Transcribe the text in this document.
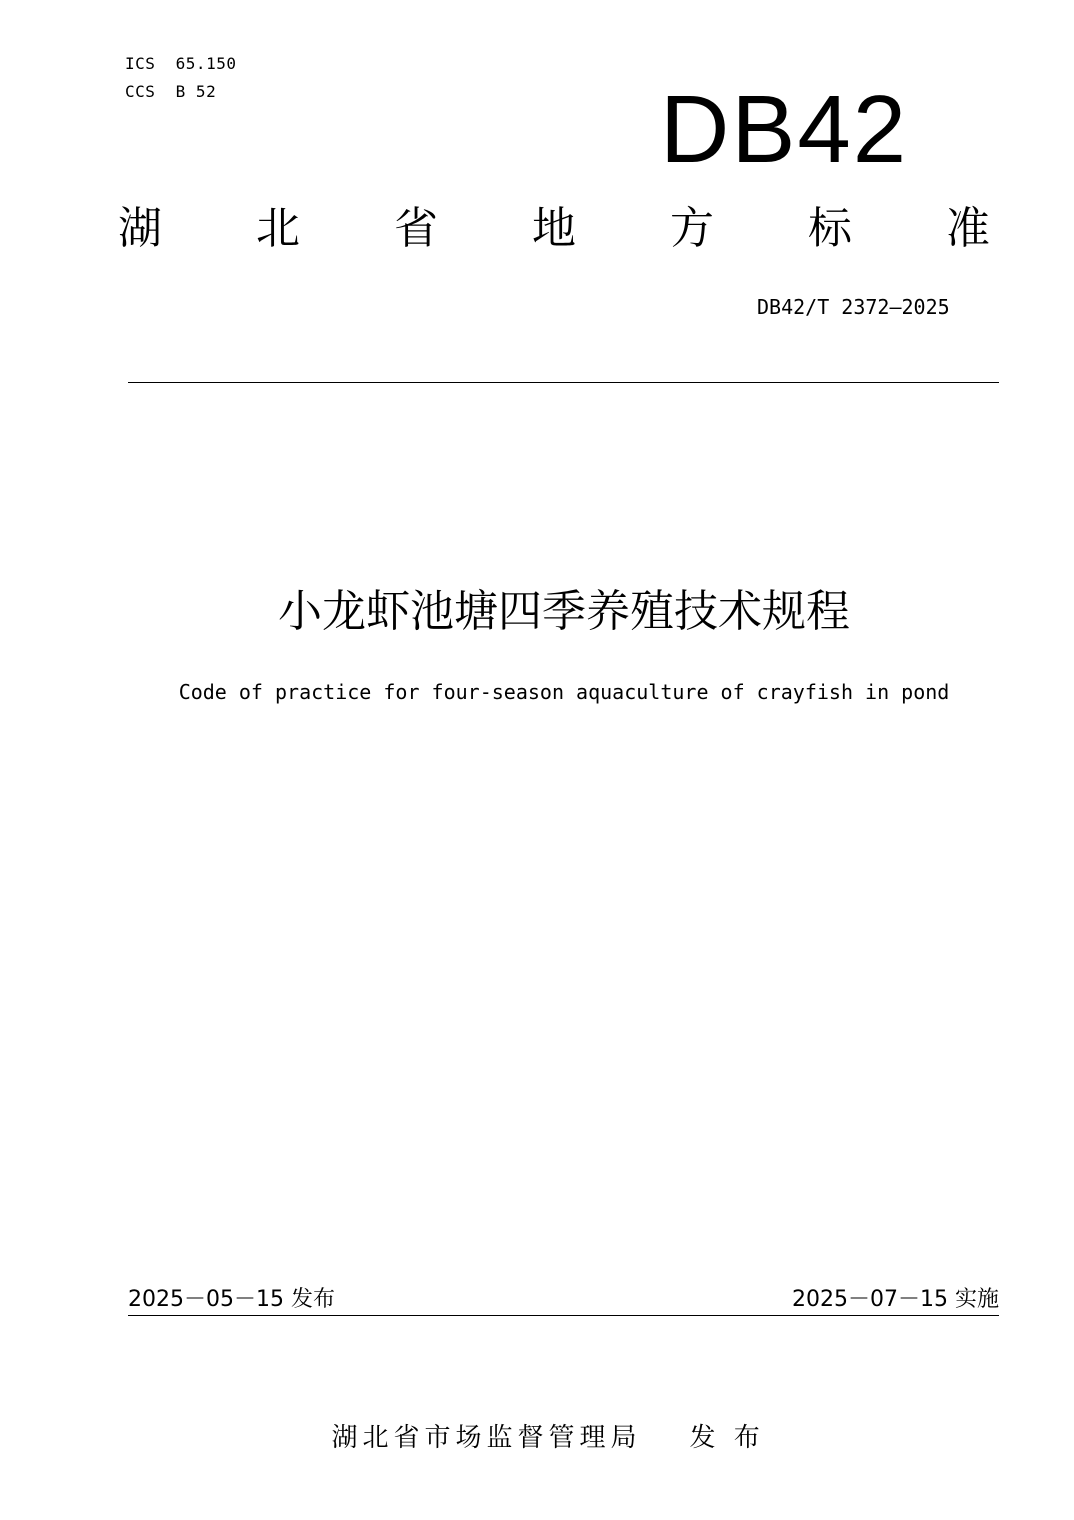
ICS  65.150
CCS  B 52	DB42
湖 北 省 地 方 标 准
DB42/T 2372—2025
小龙虾池塘四季养殖技术规程
Code of practice for four-season aquaculture of crayfish in pond
2025－05－15 发布	2025－07－15 实施

湖北省市场监督管理局 发 布
